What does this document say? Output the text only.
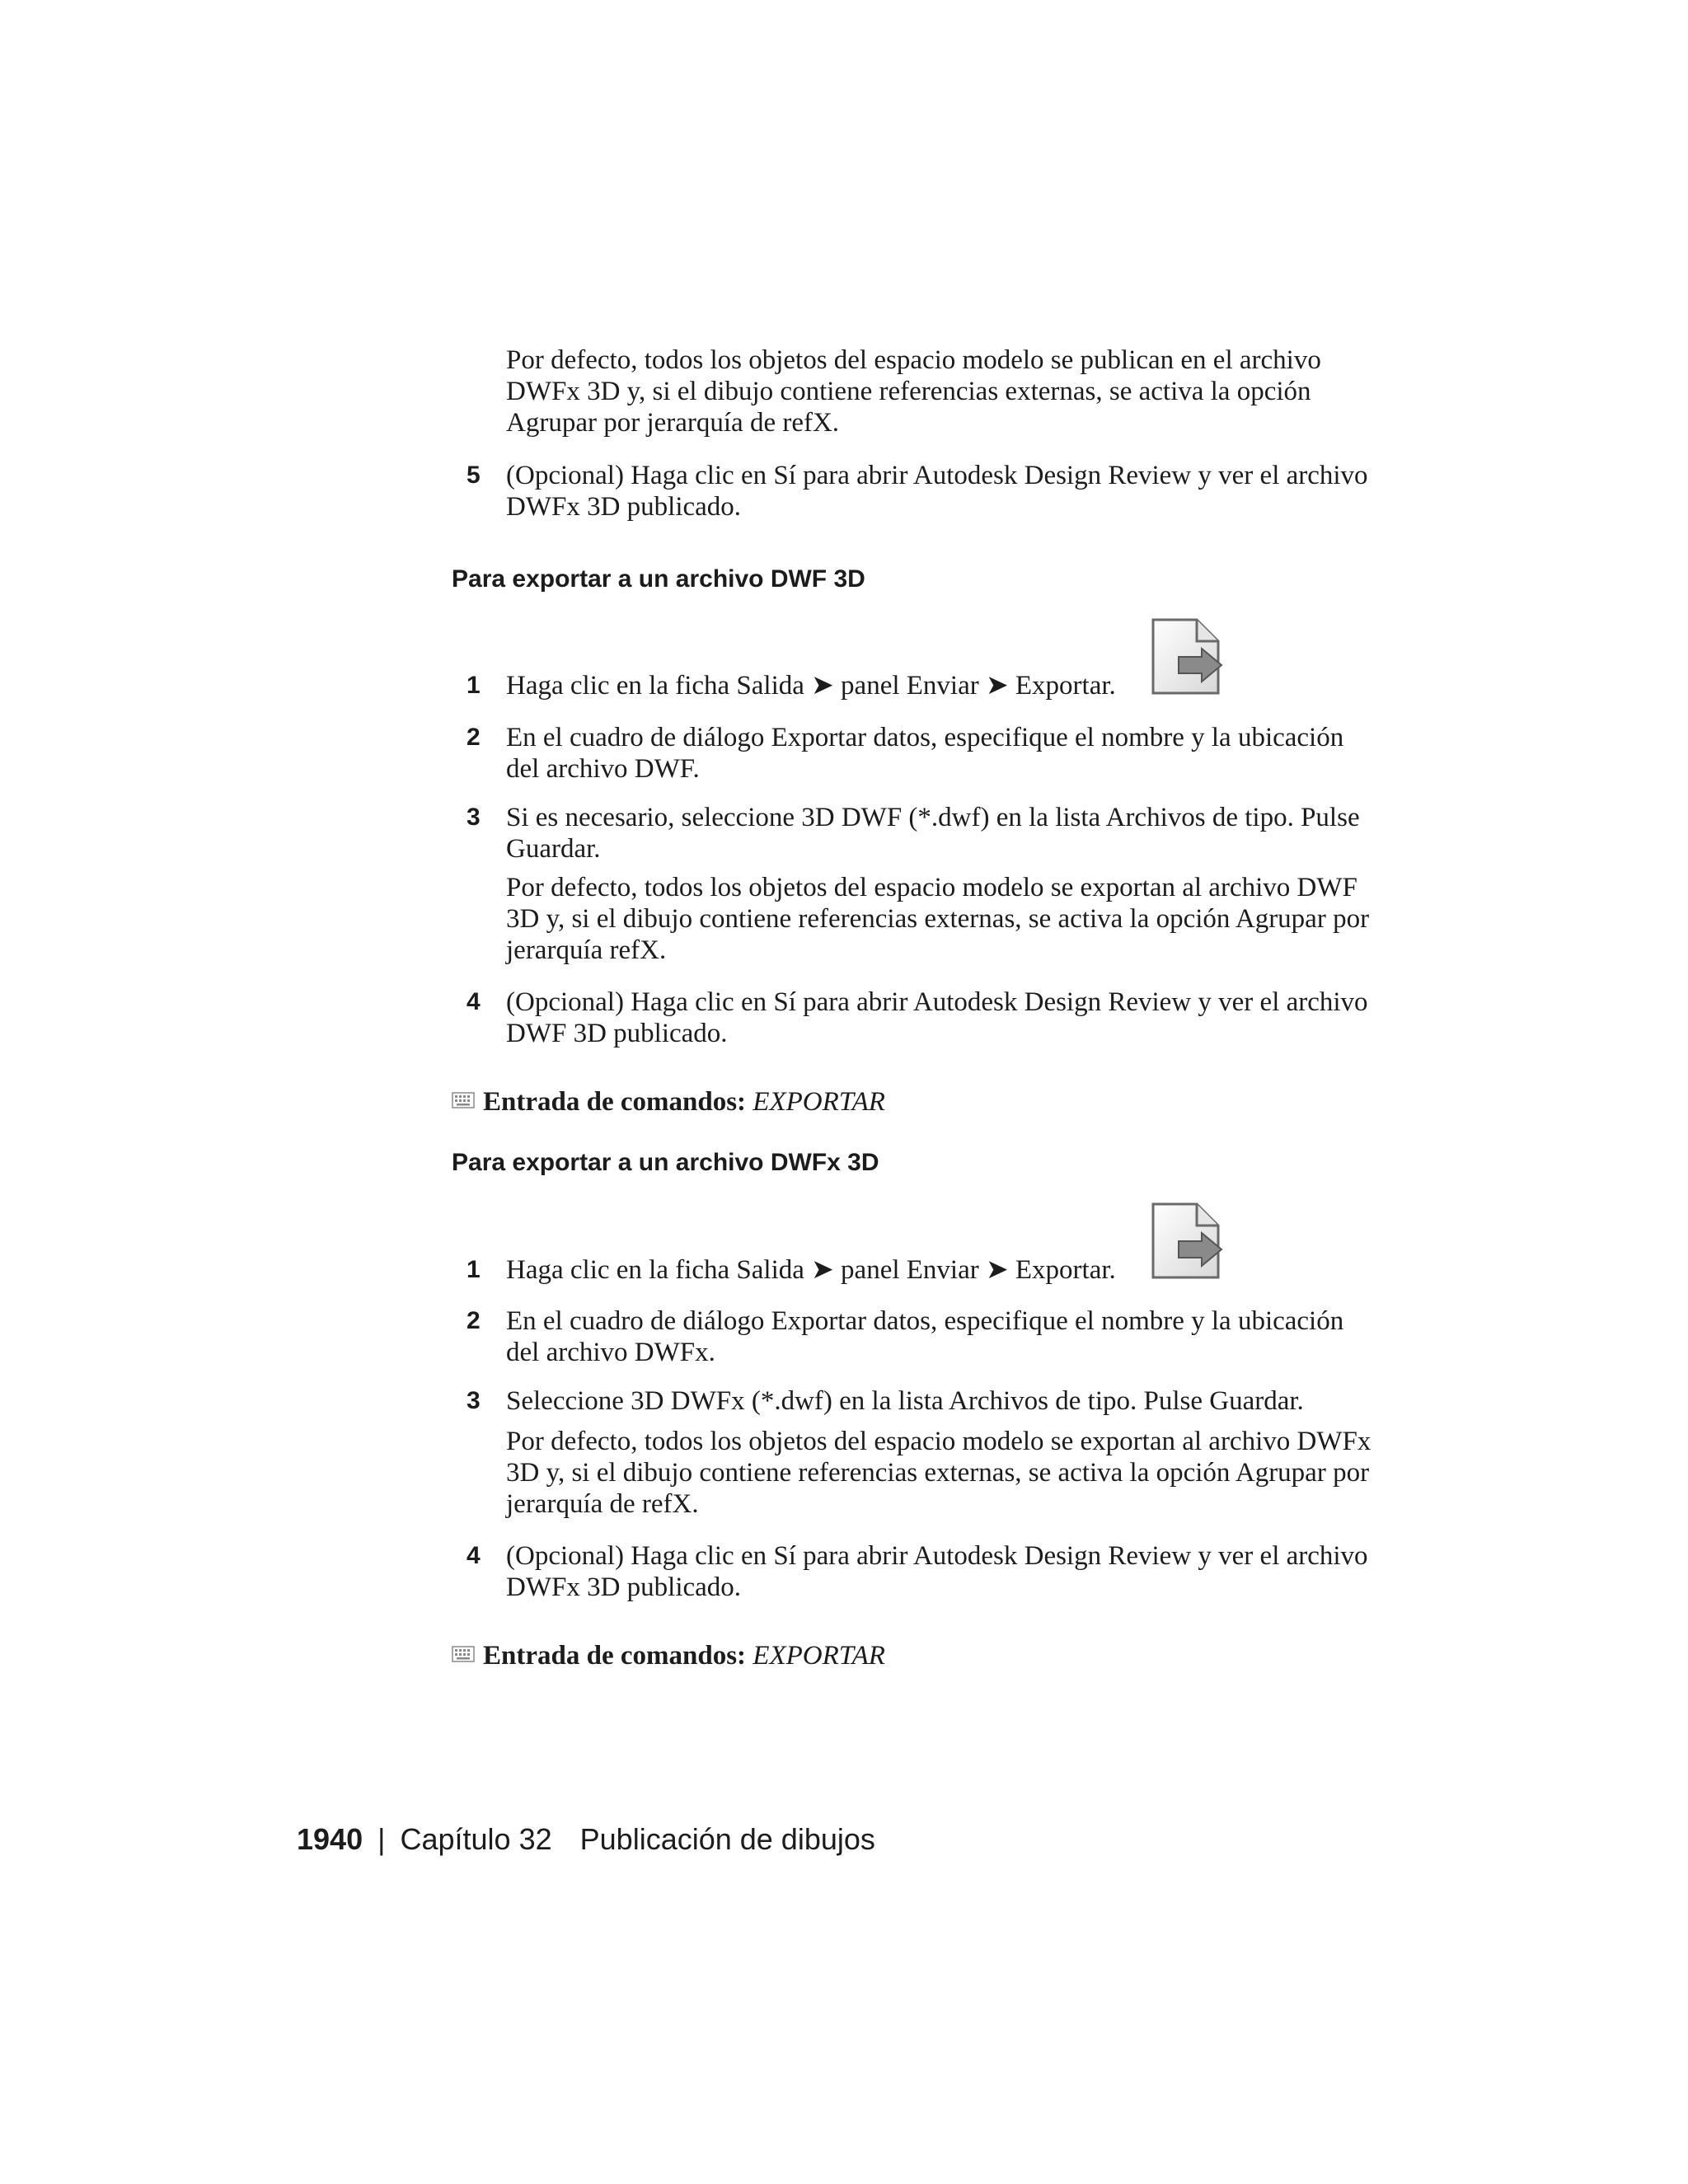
Por defecto, todos los objetos del espacio modelo se publican en el archivo DWFx 3D y, si el dibujo contiene referencias externas, se activa la opción Agrupar por jerarquía de refX.
5 (Opcional) Haga clic en Sí para abrir Autodesk Design Review y ver el archivo DWFx 3D publicado.
Para exportar a un archivo DWF 3D
1 Haga clic en la ficha Salida ➤ panel Enviar ➤ Exportar.
2 En el cuadro de diálogo Exportar datos, especifique el nombre y la ubicación del archivo DWF.
3 Si es necesario, seleccione 3D DWF (*.dwf) en la lista Archivos de tipo. Pulse Guardar.
Por defecto, todos los objetos del espacio modelo se exportan al archivo DWF 3D y, si el dibujo contiene referencias externas, se activa la opción Agrupar por jerarquía refX.
4 (Opcional) Haga clic en Sí para abrir Autodesk Design Review y ver el archivo DWF 3D publicado.
Entrada de comandos: EXPORTAR
Para exportar a un archivo DWFx 3D
1 Haga clic en la ficha Salida ➤ panel Enviar ➤ Exportar.
2 En el cuadro de diálogo Exportar datos, especifique el nombre y la ubicación del archivo DWFx.
3 Seleccione 3D DWFx (*.dwf) en la lista Archivos de tipo. Pulse Guardar.
Por defecto, todos los objetos del espacio modelo se exportan al archivo DWFx 3D y, si el dibujo contiene referencias externas, se activa la opción Agrupar por jerarquía de refX.
4 (Opcional) Haga clic en Sí para abrir Autodesk Design Review y ver el archivo DWFx 3D publicado.
Entrada de comandos: EXPORTAR
1940 | Capítulo 32 Publicación de dibujos
